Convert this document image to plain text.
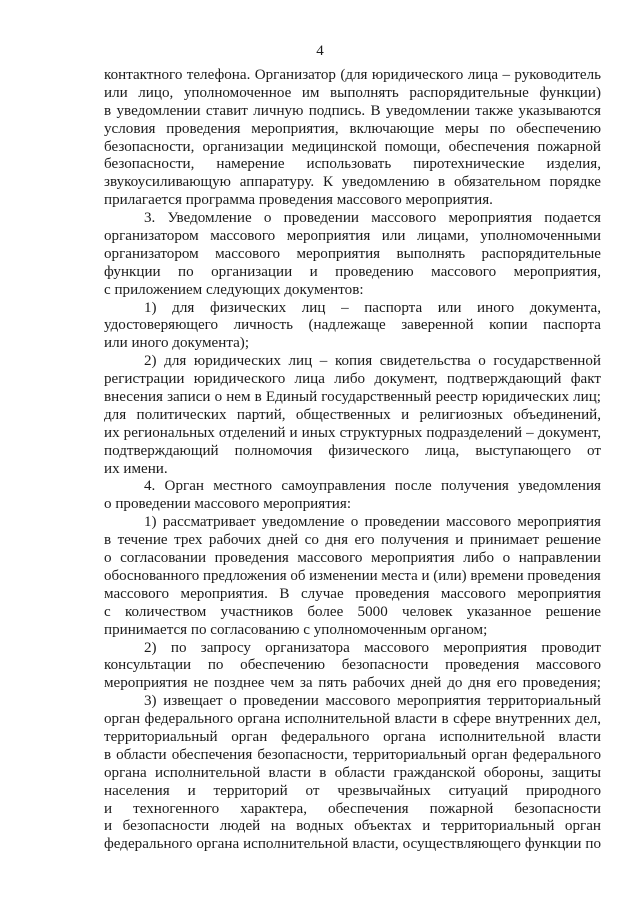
4
контактного телефона. Организатор (для юридического лица – руководитель
или лицо, уполномоченное им выполнять распорядительные функции)
в уведомлении ставит личную подпись. В уведомлении также указываются
условия проведения мероприятия, включающие меры по обеспечению
безопасности, организации медицинской помощи, обеспечения пожарной
безопасности, намерение использовать пиротехнические изделия,
звукоусиливающую аппаратуру. К уведомлению в обязательном порядке
прилагается программа проведения массового мероприятия.
3. Уведомление о проведении массового мероприятия подается
организатором массового мероприятия или лицами, уполномоченными
организатором массового мероприятия выполнять распорядительные
функции по организации и проведению массового мероприятия,
с приложением следующих документов:
1) для физических лиц – паспорта или иного документа,
удостоверяющего личность (надлежаще заверенной копии паспорта
или иного документа);
2) для юридических лиц – копия свидетельства о государственной
регистрации юридического лица либо документ, подтверждающий факт
внесения записи о нем в Единый государственный реестр юридических лиц;
для политических партий, общественных и религиозных объединений,
их региональных отделений и иных структурных подразделений – документ,
подтверждающий полномочия физического лица, выступающего от
их имени.
4. Орган местного самоуправления после получения уведомления
о проведении массового мероприятия:
1) рассматривает уведомление о проведении массового мероприятия
в течение трех рабочих дней со дня его получения и принимает решение
о согласовании проведения массового мероприятия либо о направлении
обоснованного предложения об изменении места и (или) времени проведения
массового мероприятия. В случае проведения массового мероприятия
с количеством участников более 5000 человек указанное решение
принимается по согласованию с уполномоченным органом;
2) по запросу организатора массового мероприятия проводит
консультации по обеспечению безопасности проведения массового
мероприятия не позднее чем за пять рабочих дней до дня его проведения;
3) извещает о проведении массового мероприятия территориальный
орган федерального органа исполнительной власти в сфере внутренних дел,
территориальный орган федерального органа исполнительной власти
в области обеспечения безопасности, территориальный орган федерального
органа исполнительной власти в области гражданской обороны, защиты
населения и территорий от чрезвычайных ситуаций природного
и техногенного характера, обеспечения пожарной безопасности
и безопасности людей на водных объектах и территориальный орган
федерального органа исполнительной власти, осуществляющего функции по
